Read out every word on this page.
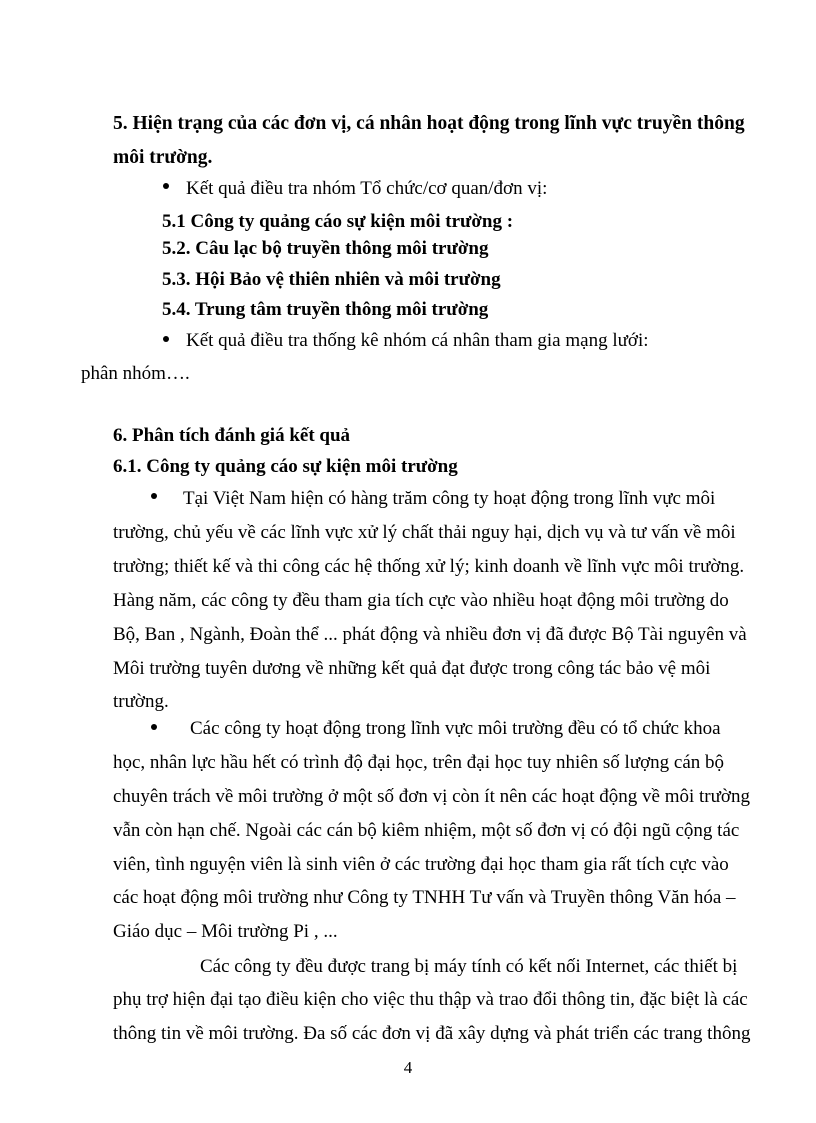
5. Hiện trạng của các đơn vị, cá nhân hoạt động trong lĩnh vực truyền thông
môi trường.
Kết quả điều tra nhóm Tổ chức/cơ quan/đơn vị:
5.1 Công ty quảng cáo sự kiện môi trường :
5.2. Câu lạc bộ truyền thông môi trường
5.3. Hội Bảo vệ thiên nhiên và môi trường
5.4. Trung tâm truyền thông môi trường
Kết quả điều tra thống kê nhóm cá nhân tham gia mạng lưới:
phân nhóm….
6. Phân tích đánh giá kết quả
6.1. Công ty quảng cáo sự kiện môi trường
Tại Việt Nam hiện có hàng trăm công ty hoạt động trong lĩnh vực môi
trường, chủ yếu về các lĩnh vực xử lý chất thải nguy hại, dịch vụ và tư vấn về môi
trường; thiết kế và thi công các hệ thống xử lý; kinh doanh về lĩnh vực môi trường.
Hàng năm, các công ty đều tham gia tích cực vào nhiều hoạt động môi trường do
Bộ, Ban , Ngành, Đoàn thể ... phát động và nhiều đơn vị đã được Bộ Tài nguyên và
Môi trường tuyên dương về những kết quả đạt được trong công tác bảo vệ môi
trường.
Các công ty hoạt động trong lĩnh vực môi trường đều có tổ chức khoa
học, nhân lực hầu hết có trình độ đại học, trên đại học tuy nhiên số lượng cán bộ
chuyên trách về môi trường ở một số đơn vị còn ít nên các hoạt động về môi trường
vẫn còn hạn chế. Ngoài các cán bộ kiêm nhiệm, một số đơn vị có đội ngũ cộng tác
viên, tình nguyện viên là sinh viên ở các trường đại học tham gia rất tích cực vào
các hoạt động môi trường như Công ty TNHH Tư vấn và Truyền thông Văn hóa –
Giáo dục – Môi trường Pi , ...
Các công ty đều được trang bị máy tính có kết nối Internet, các thiết bị
phụ trợ hiện đại tạo điều kiện cho việc thu thập và trao đổi thông tin, đặc biệt là các
thông tin về môi trường. Đa số các đơn vị đã xây dựng và phát triển các trang thông
4
